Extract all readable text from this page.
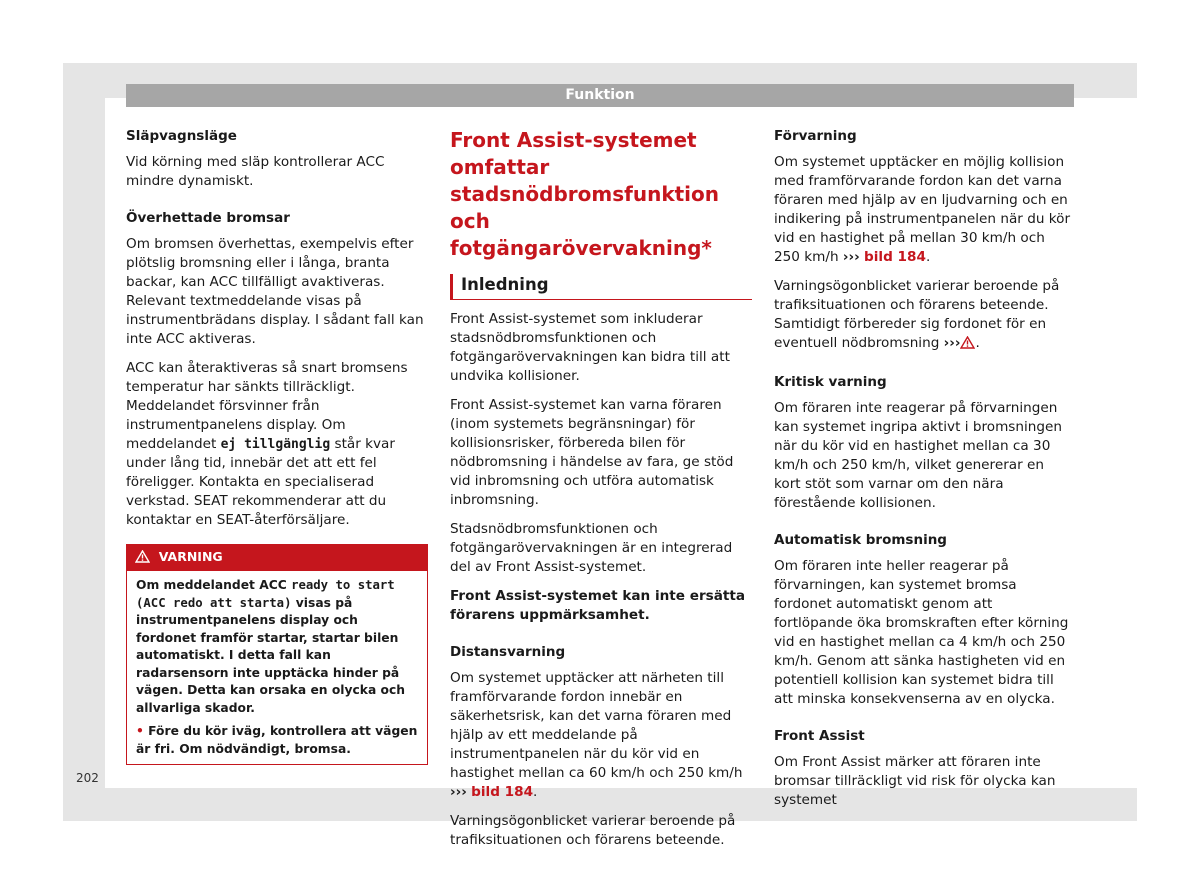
Funktion
Släpvagnsläge

Vid körning med släp kontrollerar ACC mindre dynamiskt.

Överhettade bromsar

Om bromsen överhettas, exempelvis efter plötslig bromsning eller i långa, branta backar, kan ACC tillfälligt avaktiveras. Relevant textmeddelande visas på instrumentbrädans display. I sådant fall kan inte ACC aktiveras.

ACC kan återaktiveras så snart bromsens temperatur har sänkts tillräckligt. Meddelandet försvinner från instrumentpanelens display. Om meddelandet ej tillgänglig står kvar under lång tid, innebär det att ett fel föreligger. Kontakta en specialiserad verkstad. SEAT rekommenderar att du kontaktar en SEAT-återförsäljare.

VARNING
Om meddelandet ACC ready to start
(ACC redo att starta) visas på instrumentpanelens display och fordonet framför startar, startar bilen automatiskt. I detta fall kan radarsensorn inte upptäcka hinder på vägen. Detta kan orsaka en olycka och allvarliga skador.
• Före du kör iväg, kontrollera att vägen är fri. Om nödvändigt, bromsa.
Front Assist-systemet omfattar stadsnödbromsfunktion och fotgängarövervakning*
Inledning

Front Assist-systemet som inkluderar stadsnödbromsfunktionen och fotgängarövervakningen kan bidra till att undvika kollisioner.

Front Assist-systemet kan varna föraren (inom systemets begränsningar) för kollisionsrisker, förbereda bilen för nödbromsning i händelse av fara, ge stöd vid inbromsning och utföra automatisk inbromsning.

Stadsnödbromsfunktionen och fotgängarövervakningen är en integrerad del av Front Assist-systemet.

Front Assist-systemet kan inte ersätta förarens uppmärksamhet.

Distansvarning

Om systemet upptäcker att närheten till framförvarande fordon innebär en säkerhetsrisk, kan det varna föraren med hjälp av ett meddelande på instrumentpanelen när du kör vid en hastighet mellan ca 60 km/h och 250 km/h ››› bild 184.

Varningsögonblicket varierar beroende på trafiksituationen och förarens beteende.

Förvarning

Om systemet upptäcker en möjlig kollision med framförvarande fordon kan det varna föraren med hjälp av en ljudvarning och en indikering på instrumentpanelen när du kör vid en hastighet på mellan 30 km/h och 250 km/h ››› bild 184.

Varningsögonblicket varierar beroende på trafiksituationen och förarens beteende. Samtidigt förbereder sig fordonet för en eventuell nödbromsning ››› .

Kritisk varning

Om föraren inte reagerar på förvarningen kan systemet ingripa aktivt i bromsningen när du kör vid en hastighet mellan ca 30 km/h och 250 km/h, vilket genererar en kort stöt som varnar om den nära förestående kollisionen.

Automatisk bromsning

Om föraren inte heller reagerar på förvarningen, kan systemet bromsa fordonet automatiskt genom att fortlöpande öka bromskraften efter körning vid en hastighet mellan ca 4 km/h och 250 km/h. Genom att sänka hastigheten vid en potentiell kollision kan systemet bidra till att minska konsekvenserna av en olycka.

Front Assist

Om Front Assist märker att föraren inte bromsar tillräckligt vid risk för olycka kan systemet

202
